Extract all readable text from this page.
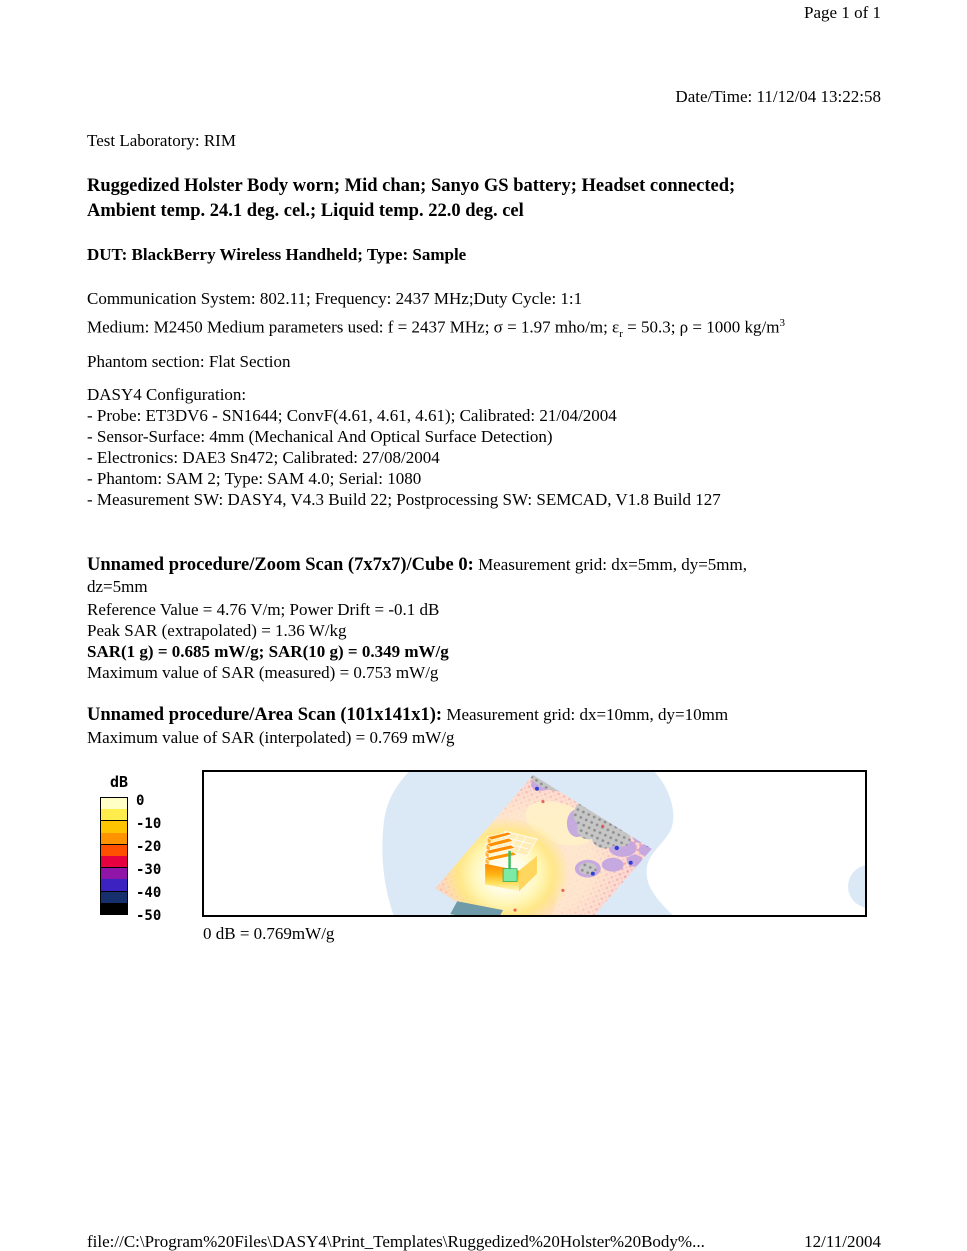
Page 1 of 1
Date/Time: 11/12/04 13:22:58
Test Laboratory: RIM
Ruggedized Holster Body worn; Mid chan; Sanyo GS battery; Headset connected;
Ambient temp. 24.1 deg. cel.; Liquid temp. 22.0 deg. cel
DUT: BlackBerry Wireless Handheld; Type: Sample
Communication System: 802.11; Frequency: 2437 MHz;Duty Cycle: 1:1
Medium: M2450 Medium parameters used: f = 2437 MHz; σ = 1.97 mho/m; $\varepsilon_r = 50.3$; ρ = 1000 $kg/m^3$
Phantom section: Flat Section
DASY4 Configuration:
- Probe: ET3DV6 - SN1644; ConvF(4.61, 4.61, 4.61); Calibrated: 21/04/2004
- Sensor-Surface: 4mm (Mechanical And Optical Surface Detection)
- Electronics: DAE3 Sn472; Calibrated: 27/08/2004
- Phantom: SAM 2; Type: SAM 4.0; Serial: 1080
- Measurement SW: DASY4, V4.3 Build 22; Postprocessing SW: SEMCAD, V1.8 Build 127

Unnamed procedure/Zoom Scan (7x7x7)/Cube 0: Measurement grid: dx=5mm, dy=5mm,
dz=5mm

Reference Value = 4.76 V/m; Power Drift = -0.1 dB
Peak SAR (extrapolated) = 1.36 W/kg
SAR(1 g) = 0.685 mW/g; SAR(10 g) = 0.349 mW/g
Maximum value of SAR (measured) = 0.753 mW/g

Unnamed procedure/Area Scan (101x141x1): Measurement grid: dx=10mm, dy=10mm

Maximum value of SAR (interpolated) = 0.769 mW/g
dB
0
-10
-20
-30
-40
-50
0 dB = 0.769mW/g
file://C:\Program%20Files\DASY4\Print_Templates\Ruggedized%20Holster%20Body%...	12/11/2004
